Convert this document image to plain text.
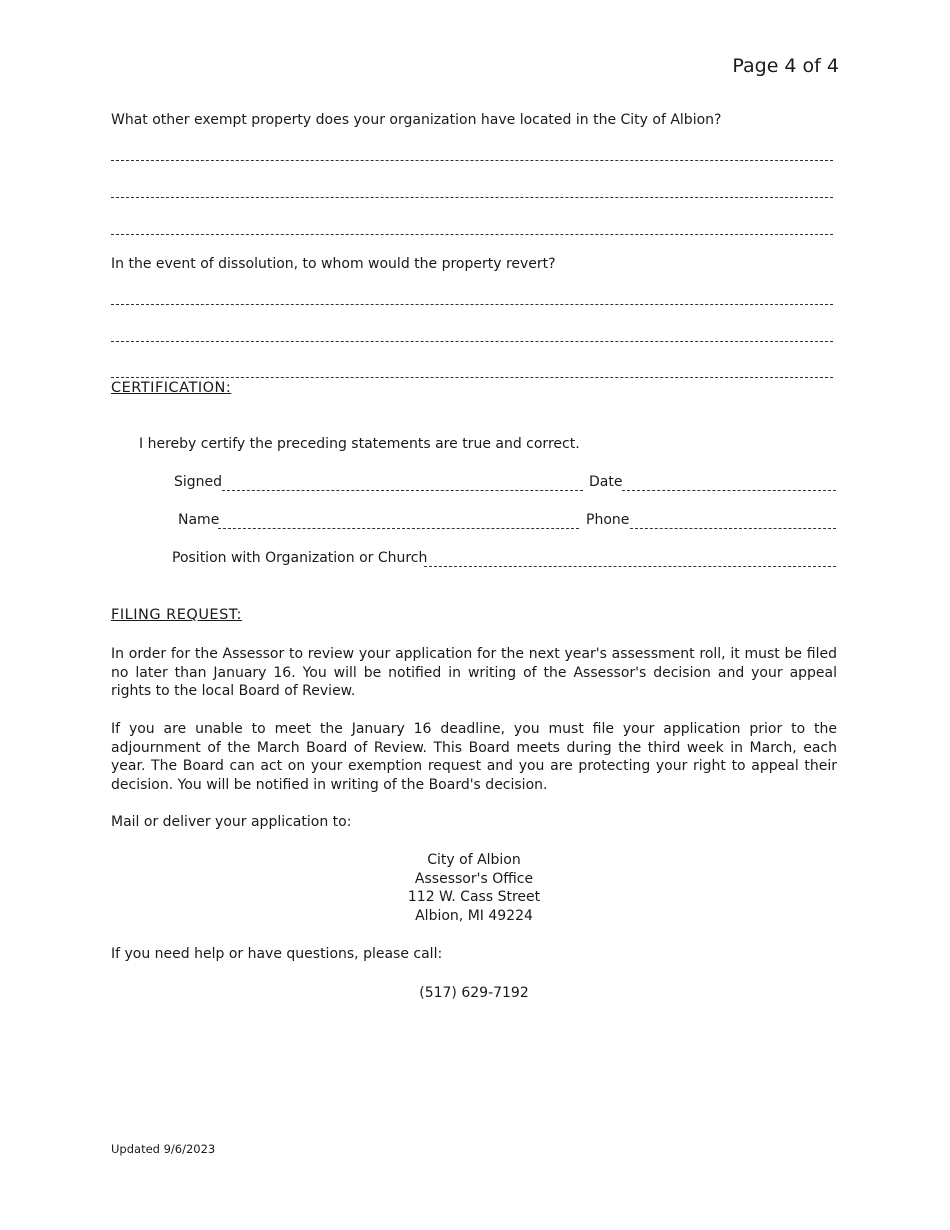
Page 4 of 4
What other exempt property does your organization have located in the City of Albion?
In the event of dissolution, to whom would the property revert?
CERTIFICATION:
I hereby certify the preceding statements are true and correct.
Signed	Date
Name	Phone
Position with Organization or Church
FILING REQUEST:
In order for the Assessor to review your application for the next year's assessment roll, it must be filed no later than January 16. You will be notified in writing of the Assessor's decision and your appeal rights to the local Board of Review.
If you are unable to meet the January 16 deadline, you must file your application prior to the adjournment of the March Board of Review. This Board meets during the third week in March, each year. The Board can act on your exemption request and you are protecting your right to appeal their decision. You will be notified in writing of the Board's decision.
Mail or deliver your application to:
City of Albion
Assessor's Office
112 W. Cass Street
Albion, MI 49224
If you need help or have questions, please call:
(517) 629-7192
Updated 9/6/2023
